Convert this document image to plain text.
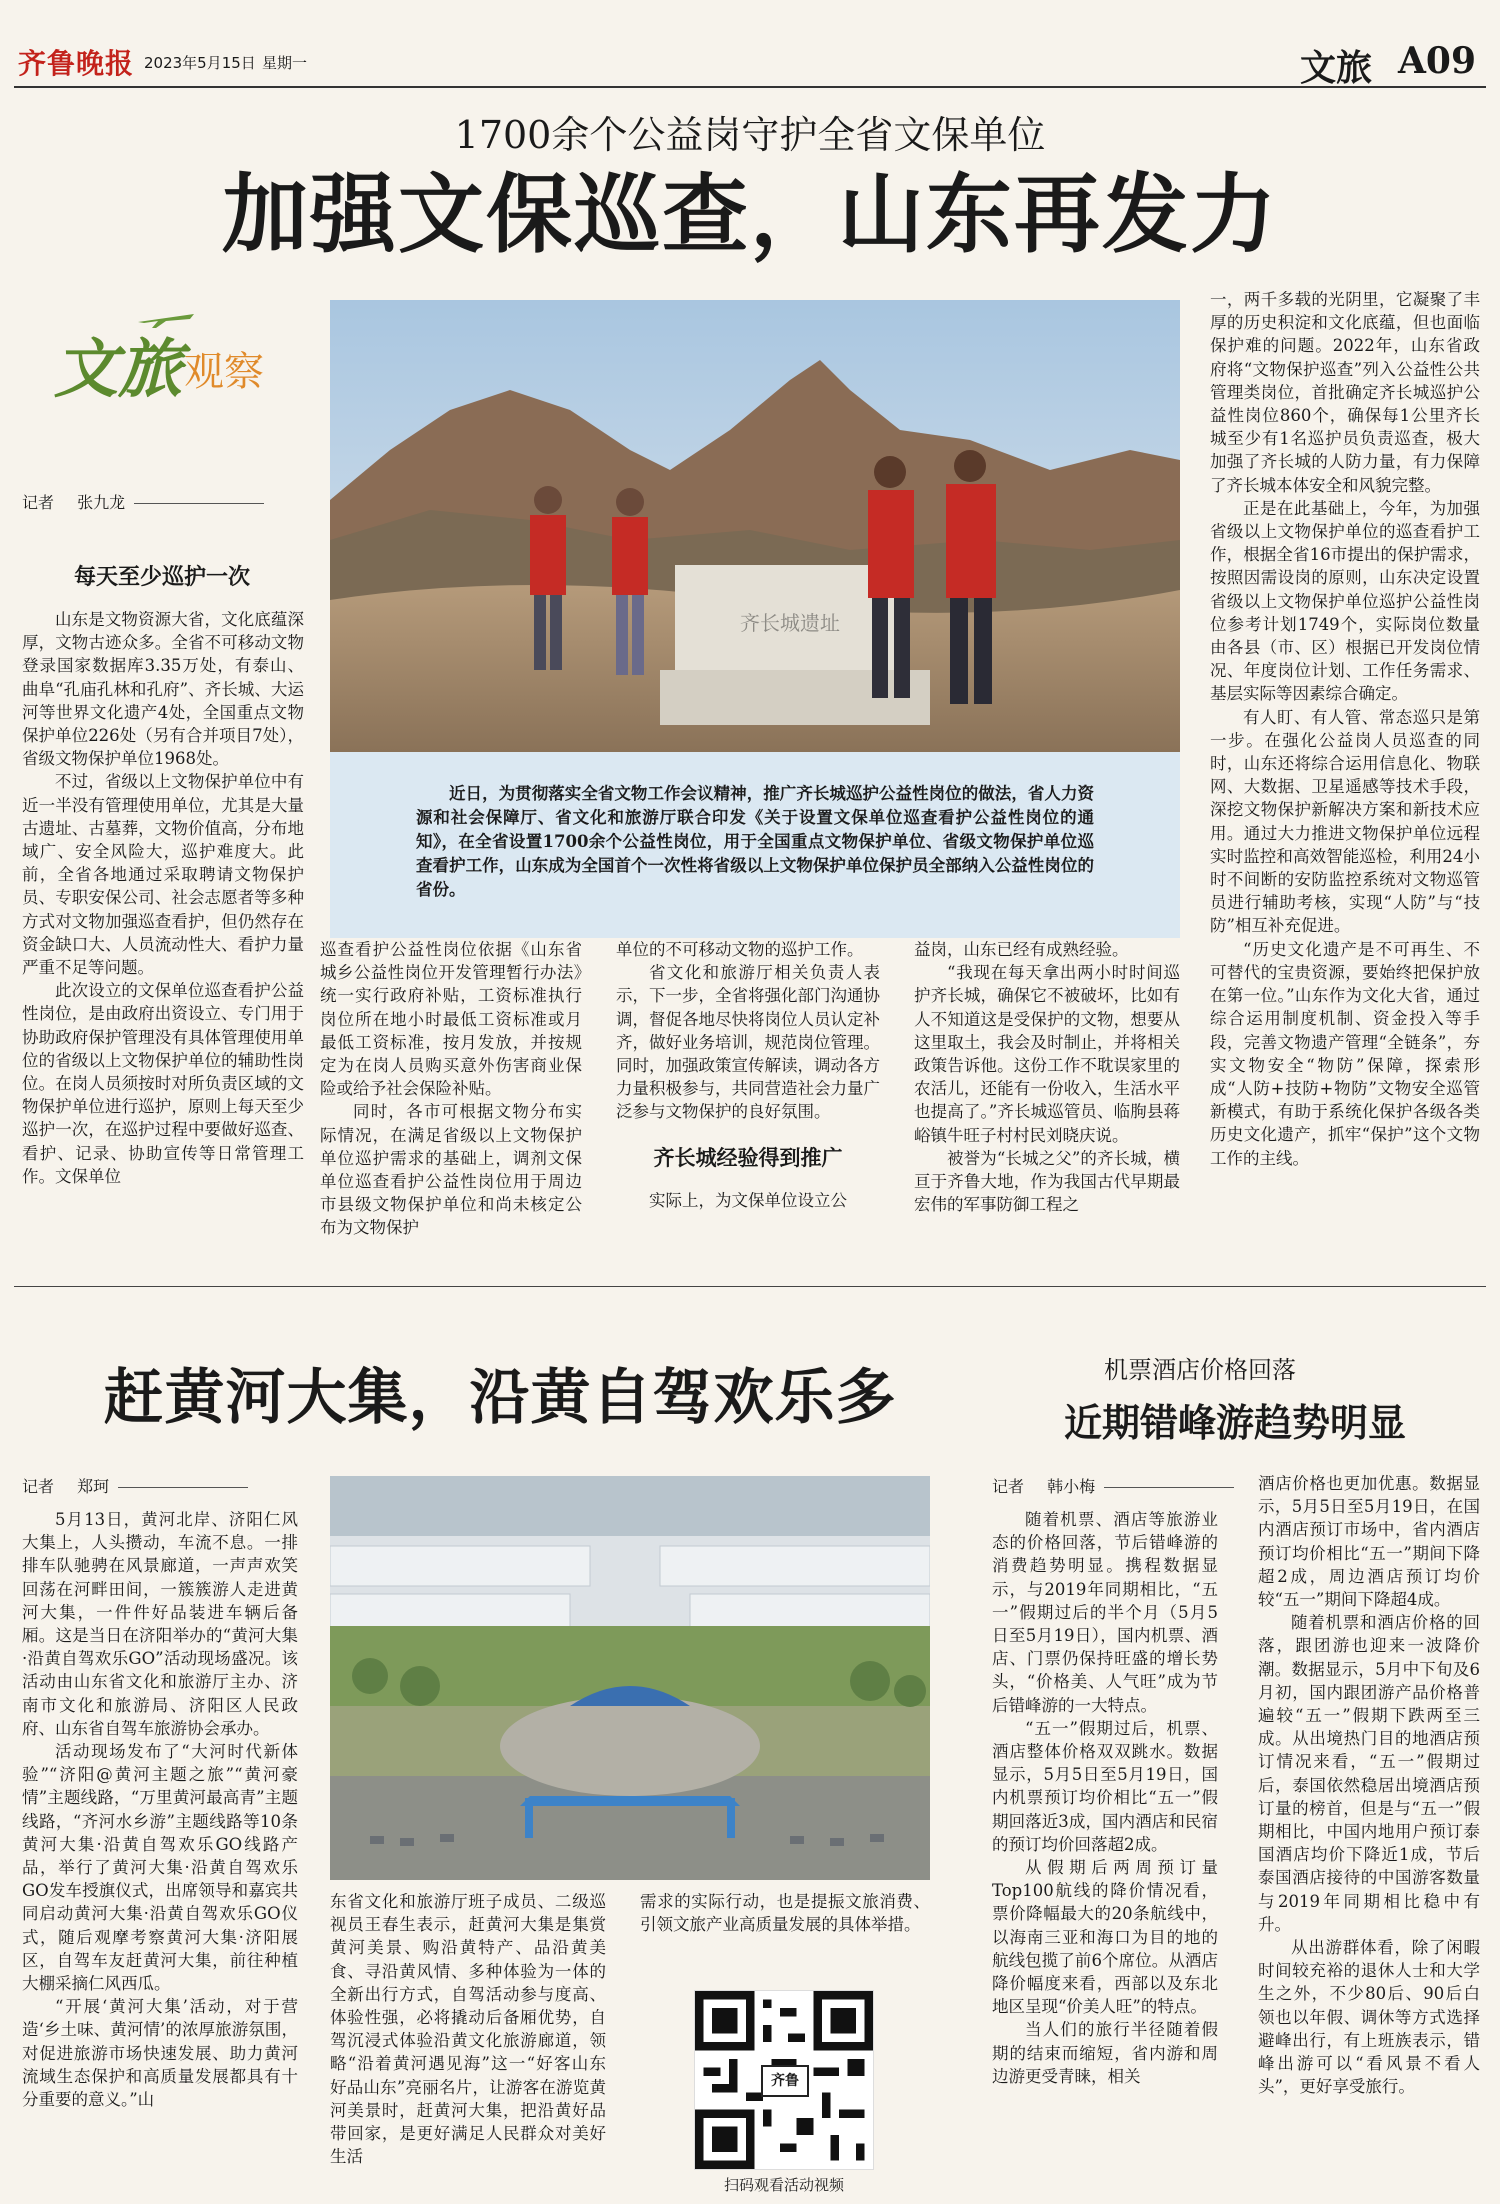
齐鲁晚报 2023年5月15日 星期一	文旅 A09
1700余个公益岗守护全省文保单位
加强文保巡查，山东再发力
文旅 观察
记者 张九龙
每天至少巡护一次

山东是文物资源大省，文化底蕴深厚，文物古迹众多。全省不可移动文物登录国家数据库3.35万处，有泰山、曲阜“孔庙孔林和孔府”、齐长城、大运河等世界文化遗产4处，全国重点文物保护单位226处（另有合并项目7处），省级文物保护单位1968处。

不过，省级以上文物保护单位中有近一半没有管理使用单位，尤其是大量古遗址、古墓葬，文物价值高，分布地域广、安全风险大，巡护难度大。此前，全省各地通过采取聘请文物保护员、专职安保公司、社会志愿者等多种方式对文物加强巡查看护，但仍然存在资金缺口大、人员流动性大、看护力量严重不足等问题。

此次设立的文保单位巡查看护公益性岗位，是由政府出资设立、专门用于协助政府保护管理没有具体管理使用单位的省级以上文物保护单位的辅助性岗位。在岗人员须按时对所负责区域的文物保护单位进行巡护，原则上每天至少巡护一次，在巡护过程中要做好巡查、看护、记录、协助宣传等日常管理工作。文保单位

齐长城遗址

近日，为贯彻落实全省文物工作会议精神，推广齐长城巡护公益性岗位的做法，省人力资源和社会保障厅、省文化和旅游厅联合印发《关于设置文保单位巡查看护公益性岗位的通知》，在全省设置1700余个公益性岗位，用于全国重点文物保护单位、省级文物保护单位巡查看护工作，山东成为全国首个一次性将省级以上文物保护单位保护员全部纳入公益性岗位的省份。

巡查看护公益性岗位依据《山东省城乡公益性岗位开发管理暂行办法》统一实行政府补贴，工资标准执行岗位所在地小时最低工资标准或月最低工资标准，按月发放，并按规定为在岗人员购买意外伤害商业保险或给予社会保险补贴。

同时，各市可根据文物分布实际情况，在满足省级以上文物保护单位巡护需求的基础上，调剂文保单位巡查看护公益性岗位用于周边市县级文物保护单位和尚未核定公布为文物保护

单位的不可移动文物的巡护工作。

省文化和旅游厅相关负责人表示，下一步，全省将强化部门沟通协调，督促各地尽快将岗位人员认定补齐，做好业务培训，规范岗位管理。同时，加强政策宣传解读，调动各方力量积极参与，共同营造社会力量广泛参与文物保护的良好氛围。

齐长城经验得到推广

实际上，为文保单位设立公

益岗，山东已经有成熟经验。

“我现在每天拿出两小时时间巡护齐长城，确保它不被破坏，比如有人不知道这是受保护的文物，想要从这里取土，我会及时制止，并将相关政策告诉他。这份工作不耽误家里的农活儿，还能有一份收入，生活水平也提高了。”齐长城巡管员、临朐县蒋峪镇牛旺子村村民刘晓庆说。

被誉为“长城之父”的齐长城，横亘于齐鲁大地，作为我国古代早期最宏伟的军事防御工程之

一，两千多载的光阴里，它凝聚了丰厚的历史积淀和文化底蕴，但也面临保护难的问题。2022年，山东省政府将“文物保护巡查”列入公益性公共管理类岗位，首批确定齐长城巡护公益性岗位860个，确保每1公里齐长城至少有1名巡护员负责巡查，极大加强了齐长城的人防力量，有力保障了齐长城本体安全和风貌完整。

正是在此基础上，今年，为加强省级以上文物保护单位的巡查看护工作，根据全省16市提出的保护需求，按照因需设岗的原则，山东决定设置省级以上文物保护单位巡护公益性岗位参考计划1749个，实际岗位数量由各县（市、区）根据已开发岗位情况、年度岗位计划、工作任务需求、基层实际等因素综合确定。

有人盯、有人管、常态巡只是第一步。在强化公益岗人员巡查的同时，山东还将综合运用信息化、物联网、大数据、卫星遥感等技术手段，深挖文物保护新解决方案和新技术应用。通过大力推进文物保护单位远程实时监控和高效智能巡检，利用24小时不间断的安防监控系统对文物巡管员进行辅助考核，实现“人防”与“技防”相互补充促进。

“历史文化遗产是不可再生、不可替代的宝贵资源，要始终把保护放在第一位。”山东作为文化大省，通过综合运用制度机制、资金投入等手段，完善文物遗产管理“全链条”，夯实文物安全“物防”保障，探索形成“人防+技防+物防”文物安全巡管新模式，有助于系统化保护各级各类历史文化遗产，抓牢“保护”这个文物工作的主线。

赶黄河大集，沿黄自驾欢乐多
记者 郑珂

5月13日，黄河北岸、济阳仁风大集上，人头攒动，车流不息。一排排车队驰骋在风景廊道，一声声欢笑回荡在河畔田间，一簇簇游人走进黄河大集，一件件好品装进车辆后备厢。这是当日在济阳举办的“黄河大集·沿黄自驾欢乐GO”活动现场盛况。该活动由山东省文化和旅游厅主办、济南市文化和旅游局、济阳区人民政府、山东省自驾车旅游协会承办。

活动现场发布了“大河时代新体验”“济阳@黄河主题之旅”“黄河豪情”主题线路，“万里黄河最高青”主题线路，“齐河水乡游”主题线路等10条黄河大集·沿黄自驾欢乐GO线路产品，举行了黄河大集·沿黄自驾欢乐GO发车授旗仪式，出席领导和嘉宾共同启动黄河大集·沿黄自驾欢乐GO仪式，随后观摩考察黄河大集·济阳展区，自驾车友赶黄河大集，前往种植大棚采摘仁风西瓜。

“开展‘黄河大集’活动，对于营造‘乡土味、黄河情’的浓厚旅游氛围，对促进旅游市场快速发展、助力黄河流域生态保护和高质量发展都具有十分重要的意义。”山

东省文化和旅游厅班子成员、二级巡视员王春生表示，赶黄河大集是集赏黄河美景、购沿黄特产、品沿黄美食、寻沿黄风情、多种体验为一体的全新出行方式，自驾活动参与度高、体验性强，必将撬动后备厢优势，自驾沉浸式体验沿黄文化旅游廊道，领略“沿着黄河遇见海”这一“好客山东 好品山东”亮丽名片，让游客在游览黄河美景时，赶黄河大集，把沿黄好品带回家，是更好满足人民群众对美好生活

需求的实际行动，也是提振文旅消费、引领文旅产业高质量发展的具体举措。

齐鲁
扫码观看活动视频
机票酒店价格回落
近期错峰游趋势明显
记者 韩小梅

随着机票、酒店等旅游业态的价格回落，节后错峰游的消费趋势明显。携程数据显示，与2019年同期相比，“五一”假期过后的半个月（5月5日至5月19日），国内机票、酒店、门票仍保持旺盛的增长势头，“价格美、人气旺”成为节后错峰游的一大特点。

“五一”假期过后，机票、酒店整体价格双双跳水。数据显示，5月5日至5月19日，国内机票预订均价相比“五一”假期回落近3成，国内酒店和民宿的预订均价回落超2成。

从假期后两周预订量Top100航线的降价情况看，票价降幅最大的20条航线中，以海南三亚和海口为目的地的航线包揽了前6个席位。从酒店降价幅度来看，西部以及东北地区呈现“价美人旺”的特点。

当人们的旅行半径随着假期的结束而缩短，省内游和周边游更受青睐，相关

酒店价格也更加优惠。数据显示，5月5日至5月19日，在国内酒店预订市场中，省内酒店预订均价相比“五一”期间下降超2成，周边酒店预订均价较“五一”期间下降超4成。

随着机票和酒店价格的回落，跟团游也迎来一波降价潮。数据显示，5月中下旬及6月初，国内跟团游产品价格普遍较“五一”假期下跌两至三成。从出境热门目的地酒店预订情况来看，“五一”假期过后，泰国依然稳居出境酒店预订量的榜首，但是与“五一”假期相比，中国内地用户预订泰国酒店均价下降近1成，节后泰国酒店接待的中国游客数量与2019年同期相比稳中有升。

从出游群体看，除了闲暇时间较充裕的退休人士和大学生之外，不少80后、90后白领也以年假、调休等方式选择避峰出行，有上班族表示，错峰出游可以“看风景不看人头”，更好享受旅行。
